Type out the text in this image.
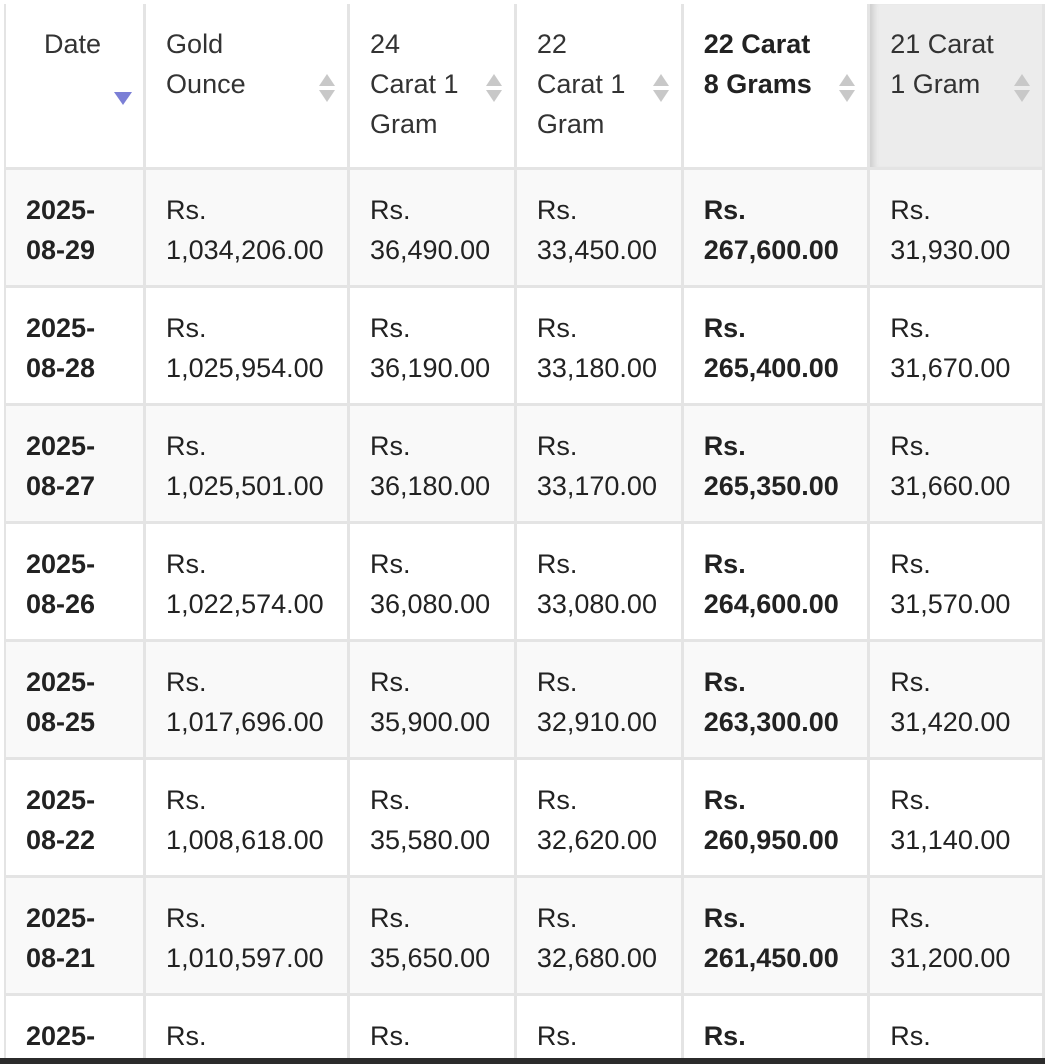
Date	Gold Ounce	24 Carat 1 Gram	22 Carat 1 Gram	22 Carat 8 Grams	21 Carat 1 Gram

2025-08-29	Rs. 1,034,206.00	Rs. 36,490.00	Rs. 33,450.00	Rs. 267,600.00	Rs. 31,930.00
2025-08-28	Rs. 1,025,954.00	Rs. 36,190.00	Rs. 33,180.00	Rs. 265,400.00	Rs. 31,670.00
2025-08-27	Rs. 1,025,501.00	Rs. 36,180.00	Rs. 33,170.00	Rs. 265,350.00	Rs. 31,660.00
2025-08-26	Rs. 1,022,574.00	Rs. 36,080.00	Rs. 33,080.00	Rs. 264,600.00	Rs. 31,570.00
2025-08-25	Rs. 1,017,696.00	Rs. 35,900.00	Rs. 32,910.00	Rs. 263,300.00	Rs. 31,420.00
2025-08-22	Rs. 1,008,618.00	Rs. 35,580.00	Rs. 32,620.00	Rs. 260,950.00	Rs. 31,140.00
2025-08-21	Rs. 1,010,597.00	Rs. 35,650.00	Rs. 32,680.00	Rs. 261,450.00	Rs. 31,200.00
2025-	Rs.	Rs.	Rs.	Rs.	Rs.
